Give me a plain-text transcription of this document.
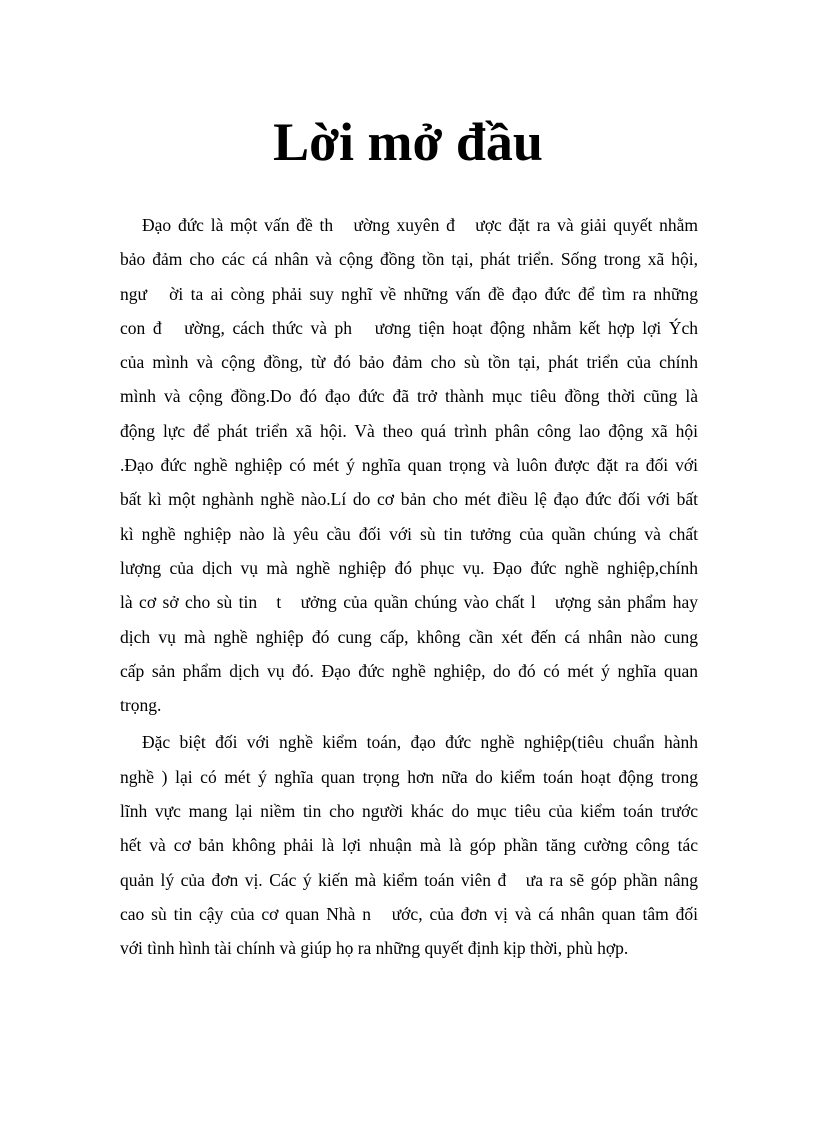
Lời mở đầu
Đạo đức là một vấn đề th   ường xuyên đ   ược đặt ra và giải quyết nhằm
bảo đảm cho các cá nhân và cộng đồng tồn tại, phát triển. Sống trong xã hội,
ngư   ời ta ai còng phải suy nghĩ về những vấn đề đạo đức để tìm ra những
con đ   ường, cách thức và ph   ương tiện hoạt động nhằm kết hợp lợi Ých
của mình và cộng đồng, từ đó bảo đảm cho sù tồn tại, phát triển của chính
mình và cộng đồng.Do đó đạo đức đã trở thành mục tiêu đồng thời cũng là
động lực để phát triển xã hội. Và theo quá trình phân công lao động xã hội
.Đạo đức nghề nghiệp có mét ý nghĩa quan trọng và luôn được đặt ra đối với
bất kì một nghành nghề nào.Lí do cơ bản cho mét điều lệ đạo đức đối với bất
kì nghề nghiệp nào là yêu cầu đối với sù tin tưởng của quần chúng và chất
lượng của dịch vụ mà nghề nghiệp đó phục vụ. Đạo đức nghề nghiệp,chính
là cơ sở cho sù tin   t   ưởng của quần chúng vào chất l   ượng sản phẩm hay
dịch vụ mà nghề nghiệp đó cung cấp, không cần xét đến cá nhân nào cung
cấp sản phẩm dịch vụ đó. Đạo đức nghề nghiệp, do đó có mét ý nghĩa quan
trọng.
Đặc biệt đối với nghề kiểm toán, đạo đức nghề nghiệp(tiêu chuẩn hành
nghề ) lại có mét ý nghĩa quan trọng hơn nữa do kiểm toán hoạt động trong
lĩnh vực mang lại niềm tin cho người khác do mục tiêu của kiểm toán trước
hết và cơ bản không phải là lợi nhuận mà là góp phần tăng cường công tác
quản lý của đơn vị. Các ý kiến mà kiểm toán viên đ   ưa ra sẽ góp phần nâng
cao sù tin cậy của cơ quan Nhà n   ước, của đơn vị và cá nhân quan tâm đối
với tình hình tài chính và giúp họ ra những quyết định kịp thời, phù hợp.
